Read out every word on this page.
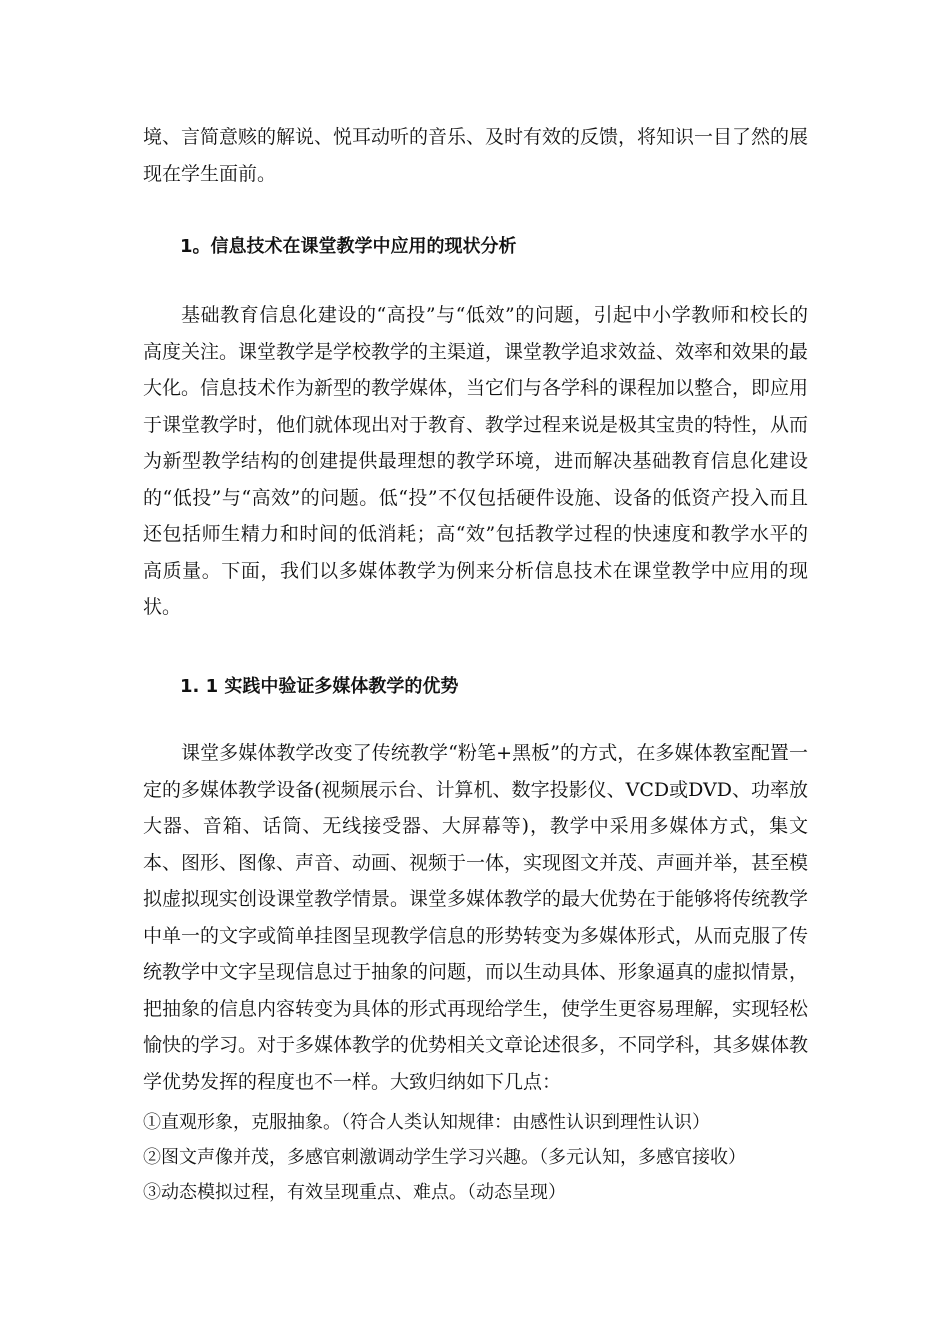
境、言简意赅的解说、悦耳动听的音乐、及时有效的反馈，将知识一目了然的展现在学生面前。

1。信息技术在课堂教学中应用的现状分析

基础教育信息化建设的“高投”与“低效”的问题，引起中小学教师和校长的高度关注。课堂教学是学校教学的主渠道，课堂教学追求效益、效率和效果的最大化。信息技术作为新型的教学媒体，当它们与各学科的课程加以整合，即应用于课堂教学时，他们就体现出对于教育、教学过程来说是极其宝贵的特性，从而为新型教学结构的创建提供最理想的教学环境，进而解决基础教育信息化建设的“低投”与“高效”的问题。低“投”不仅包括硬件设施、设备的低资产投入而且还包括师生精力和时间的低消耗；高“效”包括教学过程的快速度和教学水平的高质量。下面，我们以多媒体教学为例来分析信息技术在课堂教学中应用的现状。

1. 1 实践中验证多媒体教学的优势

课堂多媒体教学改变了传统教学“粉笔+黑板”的方式，在多媒体教室配置一定的多媒体教学设备(视频展示台、计算机、数字投影仪、VCD或DVD、功率放大器、音箱、话筒、无线接受器、大屏幕等)，教学中采用多媒体方式，集文本、图形、图像、声音、动画、视频于一体，实现图文并茂、声画并举，甚至模拟虚拟现实创设课堂教学情景。课堂多媒体教学的最大优势在于能够将传统教学中单一的文字或简单挂图呈现教学信息的形势转变为多媒体形式，从而克服了传统教学中文字呈现信息过于抽象的问题，而以生动具体、形象逼真的虚拟情景，把抽象的信息内容转变为具体的形式再现给学生，使学生更容易理解，实现轻松愉快的学习。对于多媒体教学的优势相关文章论述很多，不同学科，其多媒体教学优势发挥的程度也不一样。大致归纳如下几点：

①直观形象，克服抽象。（符合人类认知规律：由感性认识到理性认识）

②图文声像并茂，多感官刺激调动学生学习兴趣。（多元认知，多感官接收）

③动态模拟过程，有效呈现重点、难点。（动态呈现）
